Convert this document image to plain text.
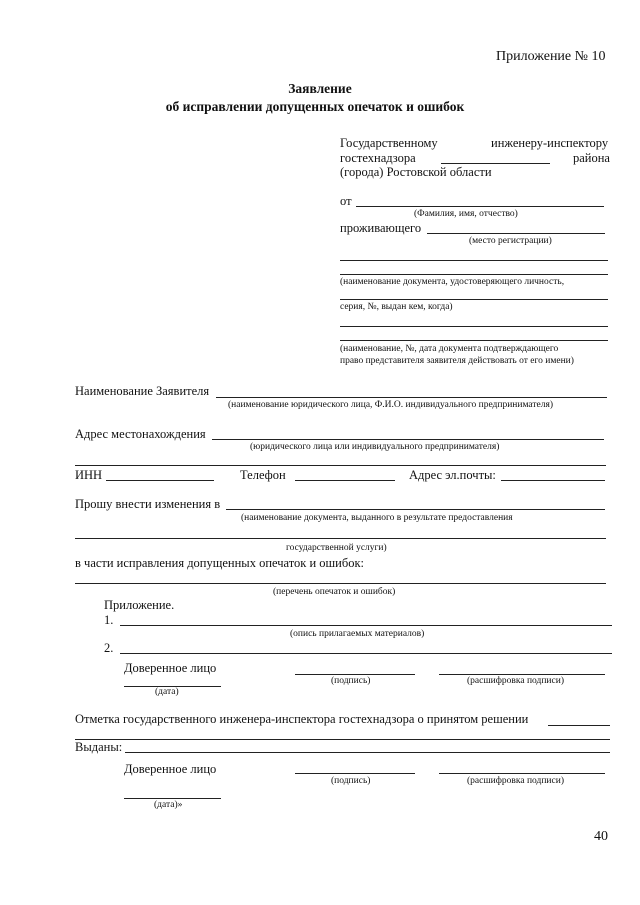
Приложение № 10
Заявление
об исправлении допущенных опечаток и ошибок
Государственному	инженеру-инспектору
гостехнадзора	района
(города) Ростовской области
от
(Фамилия, имя, отчество)
проживающего
(место регистрации)
(наименование документа, удостоверяющего личность,
серия, №, выдан кем, когда)
(наименование, №, дата документа подтверждающего
право представителя заявителя действовать от его имени)
Наименование Заявителя
(наименование юридического лица, Ф.И.О. индивидуального предпринимателя)
Адрес местонахождения
(юридического лица или индивидуального предпринимателя)
ИНН	Телефон	Адрес эл.почты:
Прошу внести изменения в
(наименование документа, выданного в результате предоставления
государственной услуги)
в части исправления допущенных опечаток и ошибок:
(перечень опечаток и ошибок)
Приложение.
1.
(опись прилагаемых материалов)
2.
Доверенное лицо
(подпись)	(расшифровка подписи)
(дата)
Отметка государственного инженера-инспектора гостехнадзора о принятом решении
Выданы:
Доверенное лицо
(подпись)	(расшифровка подписи)
(дата)»
40
